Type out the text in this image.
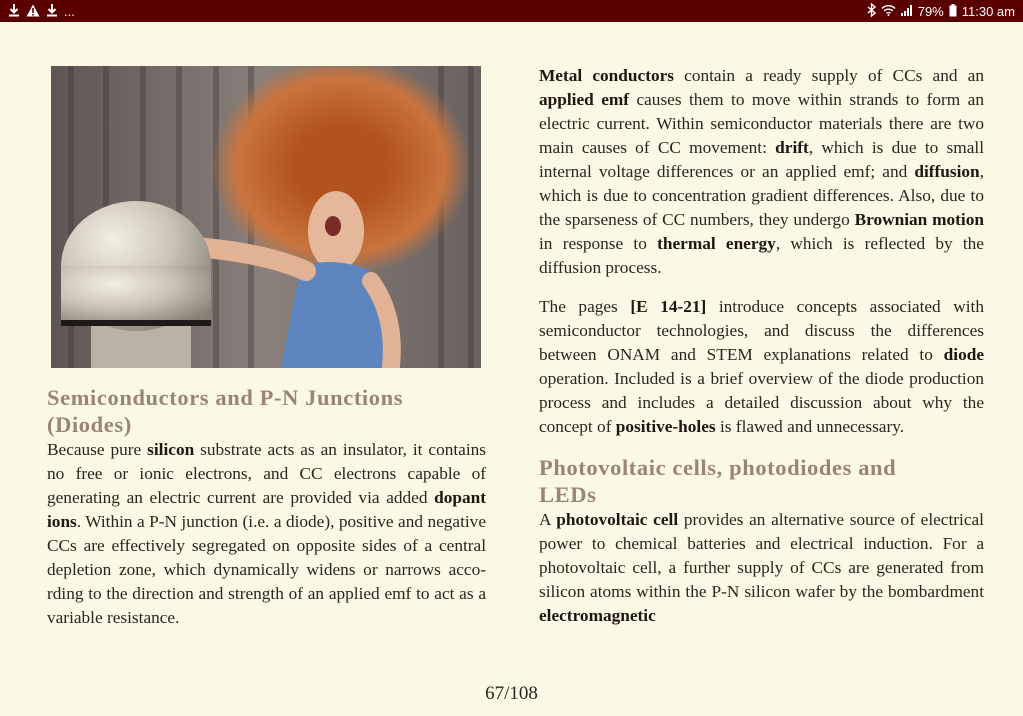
...	79% 11:30 am
Semiconductors and P-N Junctions
(Diodes)

Because pure silicon substrate acts as an insulator, it contains no free or ionic electrons, and CC electrons capable of generating an electric current are provided via added dopant ions. Within a P-N junction (i.e. a diode), positive and negative CCs are effectively segregated on opposite sides of a central depletion zone, which dynamically widens or narrows according to the direction and strength of an applied emf to act as a variable resistance.

Metal conductors contain a ready supply of CCs and an applied emf causes them to move within strands to form an electric current. Within semiconductor materials there are two main causes of CC movement: drift, which is due to small internal voltage differences or an applied emf; and diffusion, which is due to concentration gradient differences. Also, due to the sparseness of CC numbers, they undergo Brownian motion in response to thermal energy, which is reflected by the diffusion process.

The pages [E 14-21] introduce concepts associated with semiconductor technologies, and discuss the differences between ONAM and STEM explanations related to diode operation. Included is a brief overview of the diode production process and includes a detailed discussion about why the concept of positive-holes is flawed and unnecessary.

Photovoltaic cells, photodiodes and
LEDs

A photovoltaic cell provides an alternative source of electrical power to chemical batteries and electrical induction. For a photovoltaic cell, a further supply of CCs are generated from silicon atoms within the P-N silicon wafer by the bombardment electromagnetic

67/108
